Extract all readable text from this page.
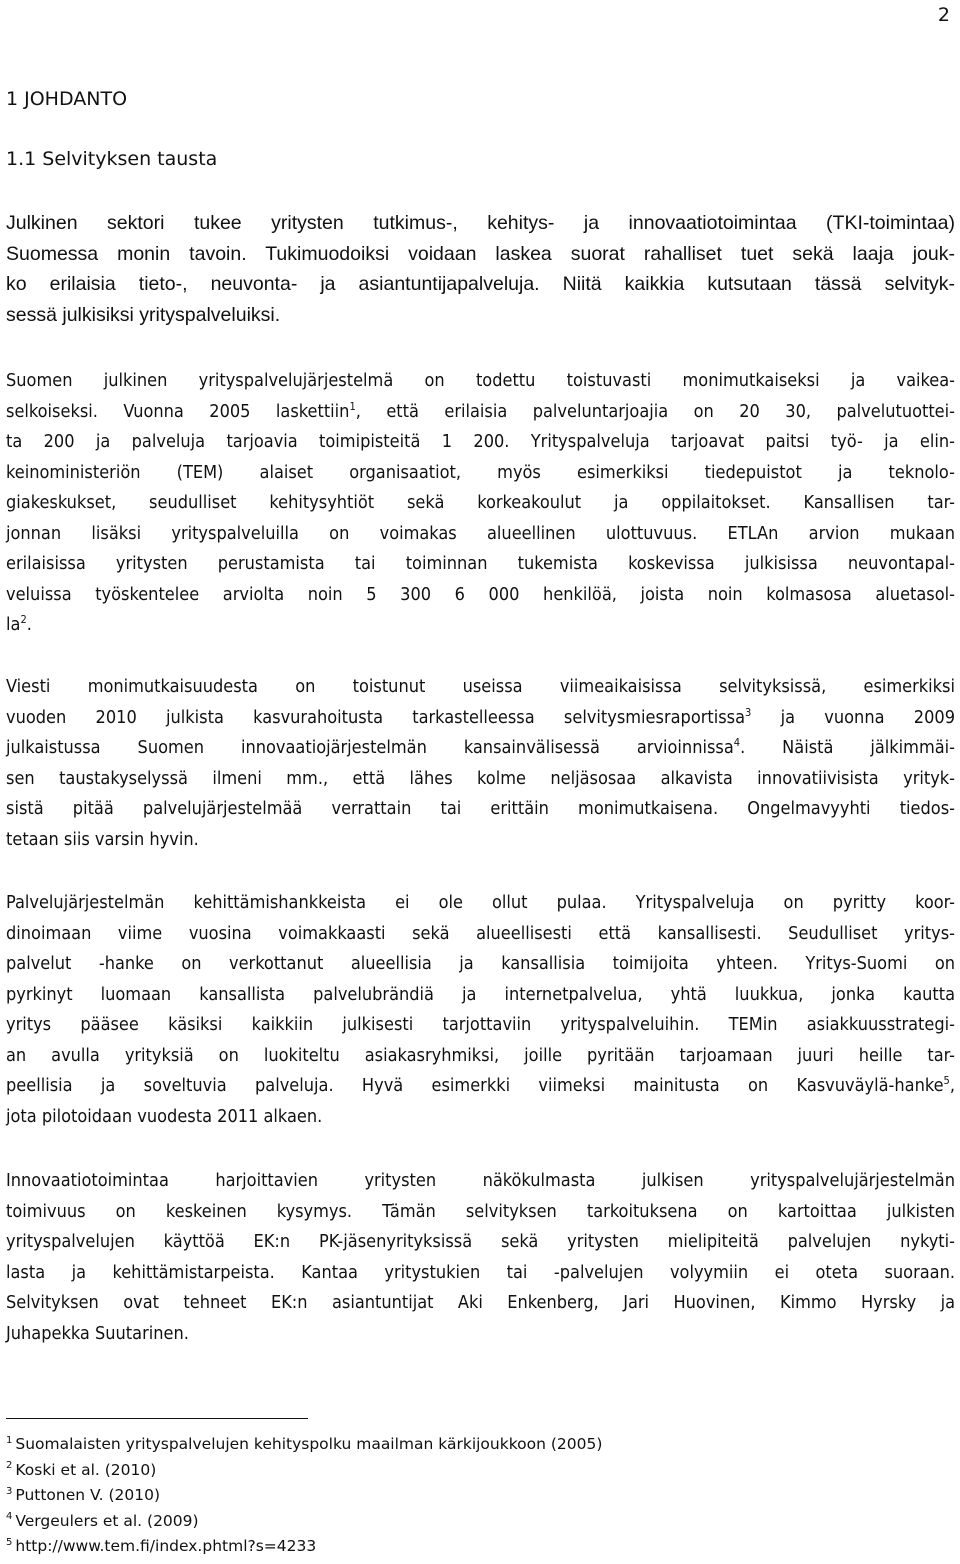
2
1 JOHDANTO
1.1 Selvityksen tausta

Julkinen sektori tukee yritysten tutkimus-, kehitys- ja innovaatiotoimintaa (TKI-toimintaa)
Suomessa monin tavoin. Tukimuodoiksi voidaan laskea suorat rahalliset tuet sekä laaja jouk-
ko erilaisia tieto-, neuvonta- ja asiantuntijapalveluja. Niitä kaikkia kutsutaan tässä selvityk-
sessä julkisiksi yrityspalveluiksi.

Suomen julkinen yrityspalvelujärjestelmä on todettu toistuvasti monimutkaiseksi ja vaikea-
selkoiseksi. Vuonna 2005 laskettiin$^1$, että erilaisia palveluntarjoajia on 20 30, palvelutuottei-
ta 200 ja palveluja tarjoavia toimipisteitä 1 200. Yrityspalveluja tarjoavat paitsi työ- ja elin-
keinoministeriön (TEM) alaiset organisaatiot, myös esimerkiksi tiedepuistot ja teknolo-
giakeskukset, seudulliset kehitysyhtiöt sekä korkeakoulut ja oppilaitokset. Kansallisen tar-
jonnan lisäksi yrityspalveluilla on voimakas alueellinen ulottuvuus. ETLAn arvion mukaan
erilaisissa yritysten perustamista tai toiminnan tukemista koskevissa julkisissa neuvontapal-
veluissa työskentelee arviolta noin 5 300 6 000 henkilöä, joista noin kolmasosa aluetasol-
$la^2$.

Viesti monimutkaisuudesta on toistunut useissa viimeaikaisissa selvityksissä, esimerkiksi
vuoden 2010 julkista kasvurahoitusta tarkastelleessa selvitysmiesraportissa$^3$ ja vuonna 2009
julkaistussa Suomen innovaatiojärjestelmän kansainvälisessä arvioinnissa$^4$. Näistä jälkimmäi-
sen taustakyselyssä ilmeni mm., että lähes kolme neljäsosaa alkavista innovatiivisista yrityk-
sistä pitää palvelujärjestelmää verrattain tai erittäin monimutkaisena. Ongelmavyyhti tiedos-
tetaan siis varsin hyvin.

Palvelujärjestelmän kehittämishankkeista ei ole ollut pulaa. Yrityspalveluja on pyritty koor-
dinoimaan viime vuosina voimakkaasti sekä alueellisesti että kansallisesti. Seudulliset yritys-
palvelut -hanke on verkottanut alueellisia ja kansallisia toimijoita yhteen. Yritys-Suomi on
pyrkinyt luomaan kansallista palvelubrändiä ja internetpalvelua, yhtä luukkua, jonka kautta
yritys pääsee käsiksi kaikkiin julkisesti tarjottaviin yrityspalveluihin. TEMin asiakkuusstrategi-
an avulla yrityksiä on luokiteltu asiakasryhmiksi, joille pyritään tarjoamaan juuri heille tar-
peellisia ja soveltuvia palveluja. Hyvä esimerkki viimeksi mainitusta on Kasvuväylä-hanke$^5$,
jota pilotoidaan vuodesta 2011 alkaen.

Innovaatiotoimintaa harjoittavien yritysten näkökulmasta julkisen yrityspalvelujärjestelmän
toimivuus on keskeinen kysymys. Tämän selvityksen tarkoituksena on kartoittaa julkisten
yrityspalvelujen käyttöä EK:n PK-jäsenyrityksissä sekä yritysten mielipiteitä palvelujen nykyti-
lasta ja kehittämistarpeista. Kantaa yritystukien tai -palvelujen volyymiin ei oteta suoraan.
Selvityksen ovat tehneet EK:n asiantuntijat Aki Enkenberg, Jari Huovinen, Kimmo Hyrsky ja
Juhapekka Suutarinen.

$^1$ Suomalaisten yrityspalvelujen kehityspolku maailman kärkijoukkoon (2005)
$^2$ Koski et al. (2010)
$^3$ Puttonen V. (2010)
$^4$ Vergeulers et al. (2009)
$^5$ http://www.tem.fi/index.phtml?s=4233
